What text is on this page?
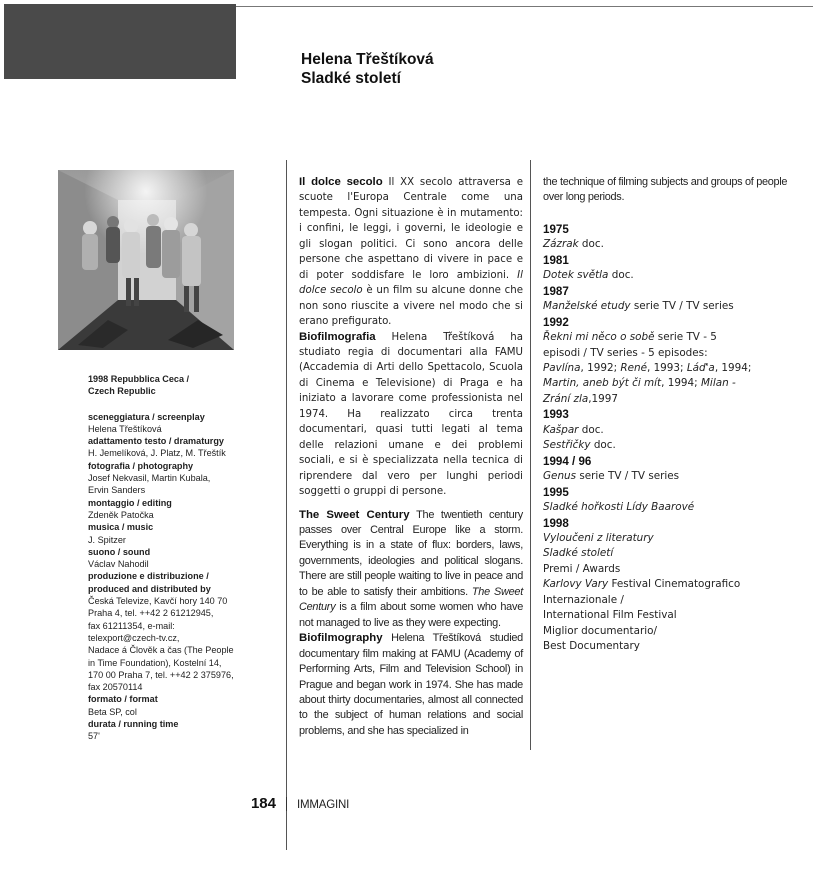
Helena Třeštíková
Sladké století
1998 Repubblica Ceca /
Czech Republic
sceneggiatura / screenplay
Helena Třeštíková
adattamento testo / dramaturgy
H. Jemelíková, J. Platz, M. Třeštík
fotografia / photography
Josef Nekvasil, Martin Kubala,
Ervin Sanders
montaggio / editing
Zdeněk Patočka
musica / music
J. Spitzer
suono / sound
Václav Nahodil
produzione e distribuzione /
produced and distributed by
Česká Televize, Kavčí hory 140 70
Praha 4, tel. ++42 2 61212945,
fax 61211354, e-mail:
telexport@czech-tv.cz,
Nadace á Člověk a čas (The People
in Time Foundation), Kostelní 14,
170 00 Praha 7, tel. ++42 2 375976,
fax 20570114
formato / format
Beta SP, col
durata / running time
57'

Il dolce secolo Il XX secolo attraversa e scuote l'Europa Centrale come una tempesta. Ogni situazione è in mutamento: i confini, le leggi, i governi, le ideologie e gli slogan politici. Ci sono ancora delle persone che aspettano di vivere in pace e di poter soddisfare le loro ambizioni. Il dolce secolo è un film su alcune donne che non sono riuscite a vivere nel modo che si erano prefigurato.

Biofilmografia Helena Třeštíková ha studiato regia di documentari alla FAMU (Accademia di Arti dello Spettacolo, Scuola di Cinema e Televisione) di Praga e ha iniziato a lavorare come professionista nel 1974. Ha realizzato circa trenta documentari, quasi tutti legati al tema delle relazioni umane e dei problemi sociali, e si è specializzata nella tecnica di riprendere dal vero per lunghi periodi soggetti o gruppi di persone.

The Sweet Century The twentieth century passes over Central Europe like a storm. Everything is in a state of flux: borders, laws, governments, ideologies and political slogans. There are still people waiting to live in peace and to be able to satisfy their ambitions. The Sweet Century is a film about some women who have not managed to live as they were expecting.

Biofilmography Helena Třeštíková studied documentary film making at FAMU (Academy of Performing Arts, Film and Television School) in Prague and began work in 1974. She has made about thirty documentaries, almost all connected to the subject of human relations and social problems, and she has specialized in

the technique of filming subjects and groups of people over long periods.
1975
Zázrak doc.
1981
Dotek světla doc.
1987
Manželské etudy serie TV / TV series
1992
Řekni mi něco o sobě serie TV - 5
episodi / TV series - 5 episodes:
Pavlína, 1992; René, 1993; Láď'a, 1994;
Martin, aneb být či mít, 1994; Milan -
Zrání zla,1997
1993
Kašpar doc.
Sestřičky doc.
1994 / 96
Genus serie TV / TV series
1995
Sladké hořkosti Lídy Baarové
1998
Vyloučeni z literatury
Sladké století
Premi / Awards
Karlovy Vary Festival Cinematografico
Internazionale /
International Film Festival
Miglior documentario/
Best Documentary
184 IMMAGINI
